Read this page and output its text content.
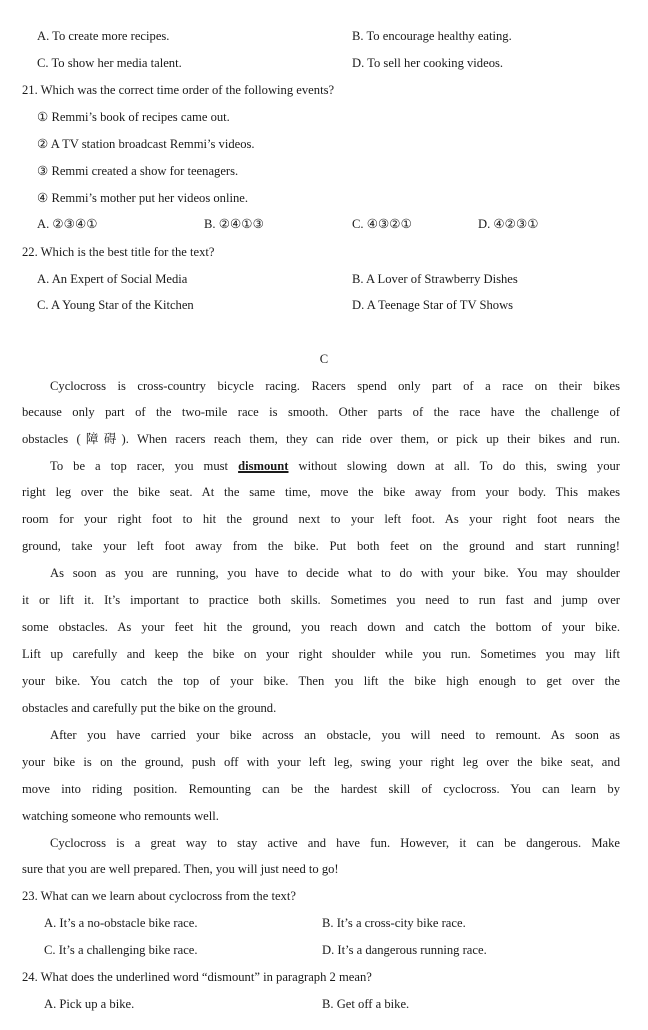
A. To create more recipes.	B. To encourage healthy eating.
C. To show her media talent.	D. To sell her cooking videos.
21. Which was the correct time order of the following events?
① Remmi’s book of recipes came out.
② A TV station broadcast Remmi’s videos.
③ Remmi created a show for teenagers.
④ Remmi’s mother put her videos online.
A. ②③④①	B. ②④①③	C. ④③②①	D. ④②③①
22. Which is the best title for the text?
A. An Expert of Social Media	B. A Lover of Strawberry Dishes
C. A Young Star of the Kitchen	D. A Teenage Star of TV Shows
C
Cyclocross is cross-country bicycle racing. Racers spend only part of a race on their bikes
because only part of the two-mile race is smooth. Other parts of the race have the challenge of
obstacles (障碍). When racers reach them, they can ride over them, or pick up their bikes and run.
To be a top racer, you must dismount without slowing down at all. To do this, swing your
right leg over the bike seat. At the same time, move the bike away from your body. This makes
room for your right foot to hit the ground next to your left foot. As your right foot nears the
ground, take your left foot away from the bike. Put both feet on the ground and start running!
As soon as you are running, you have to decide what to do with your bike. You may shoulder
it or lift it. It’s important to practice both skills. Sometimes you need to run fast and jump over
some obstacles. As your feet hit the ground, you reach down and catch the bottom of your bike.
Lift up carefully and keep the bike on your right shoulder while you run. Sometimes you may lift
your bike. You catch the top of your bike. Then you lift the bike high enough to get over the
obstacles and carefully put the bike on the ground.
After you have carried your bike across an obstacle, you will need to remount. As soon as
your bike is on the ground, push off with your left leg, swing your right leg over the bike seat, and
move into riding position. Remounting can be the hardest skill of cyclocross. You can learn by
watching someone who remounts well.
Cyclocross is a great way to stay active and have fun. However, it can be dangerous. Make
sure that you are well prepared. Then, you will just need to go!
23. What can we learn about cyclocross from the text?
A. It’s a no-obstacle bike race.	B. It’s a cross-city bike race.
C. It’s a challenging bike race.	D. It’s a dangerous running race.
24. What does the underlined word “dismount” in paragraph 2 mean?
A. Pick up a bike.	B. Get off a bike.
